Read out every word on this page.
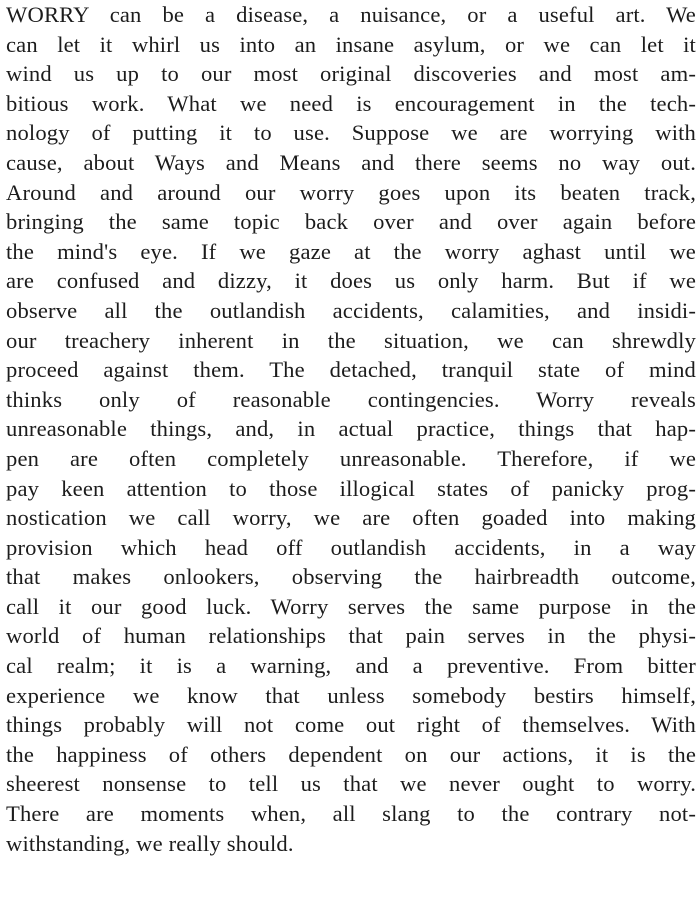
WORRY can be a disease, a nuisance, or a useful art. We
can let it whirl us into an insane asylum, or we can let it
wind us up to our most original discoveries and most am-
bitious work. What we need is encouragement in the tech-
nology of putting it to use. Suppose we are worrying with
cause, about Ways and Means and there seems no way out.
Around and around our worry goes upon its beaten track,
bringing the same topic back over and over again before
the mind's eye. If we gaze at the worry aghast until we
are confused and dizzy, it does us only harm. But if we
observe all the outlandish accidents, calamities, and insidi-
our treachery inherent in the situation, we can shrewdly
proceed against them. The detached, tranquil state of mind
thinks only of reasonable contingencies. Worry reveals
unreasonable things, and, in actual practice, things that hap-
pen are often completely unreasonable. Therefore, if we
pay keen attention to those illogical states of panicky prog-
nostication we call worry, we are often goaded into making
provision which head off outlandish accidents, in a way
that makes onlookers, observing the hairbreadth outcome,
call it our good luck. Worry serves the same purpose in the
world of human relationships that pain serves in the physi-
cal realm; it is a warning, and a preventive. From bitter
experience we know that unless somebody bestirs himself,
things probably will not come out right of themselves. With
the happiness of others dependent on our actions, it is the
sheerest nonsense to tell us that we never ought to worry.
There are moments when, all slang to the contrary not-
withstanding, we really should.
